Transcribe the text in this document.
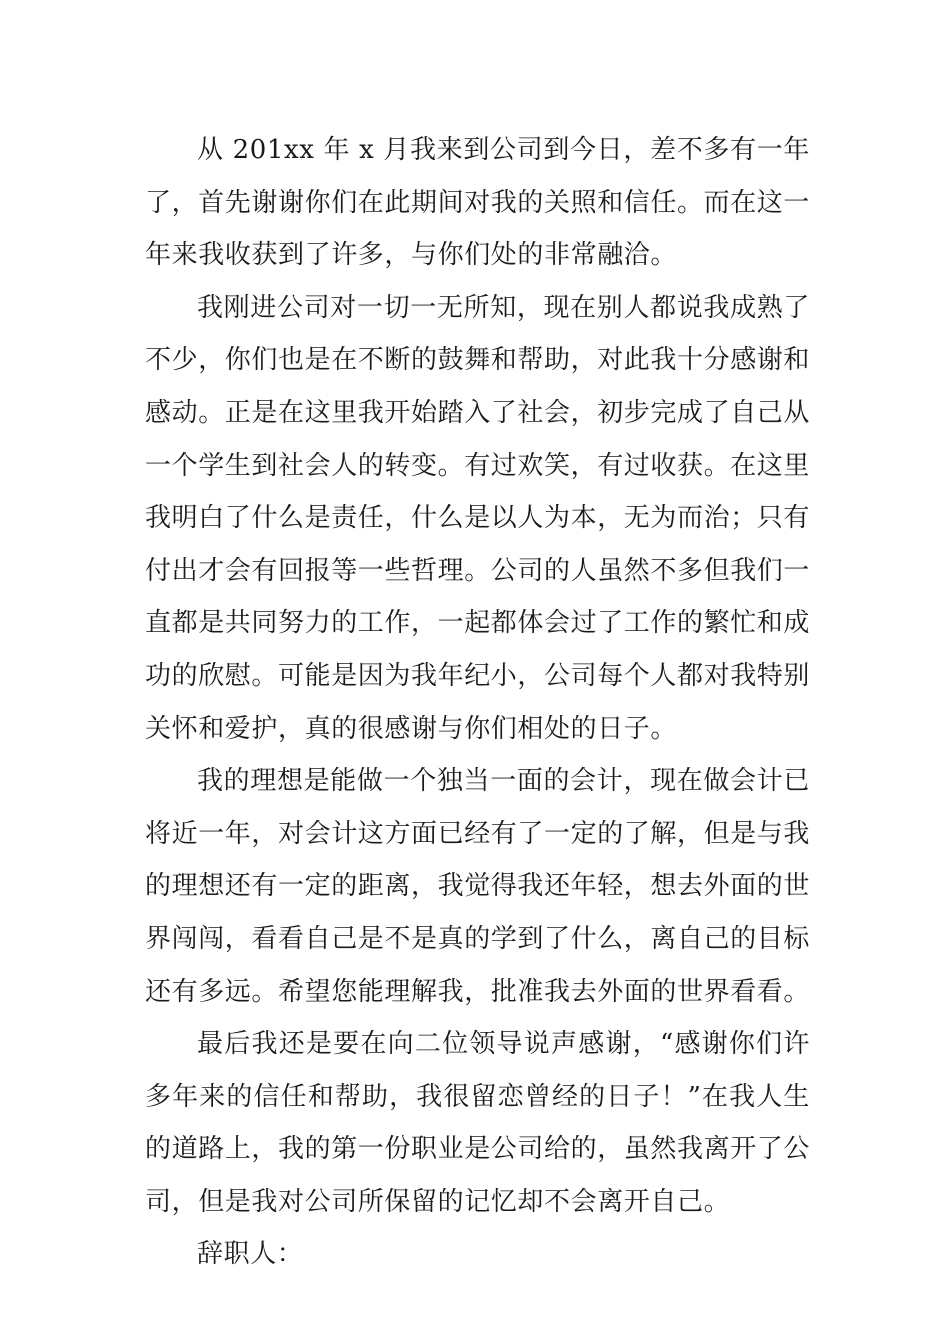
从 201xx 年 x 月我来到公司到今日，差不多有一年了，首先谢谢你们在此期间对我的关照和信任。而在这一年来我收获到了许多，与你们处的非常融洽。

我刚进公司对一切一无所知，现在别人都说我成熟了不少，你们也是在不断的鼓舞和帮助，对此我十分感谢和感动。正是在这里我开始踏入了社会，初步完成了自己从一个学生到社会人的转变。有过欢笑，有过收获。在这里我明白了什么是责任，什么是以人为本，无为而治；只有付出才会有回报等一些哲理。公司的人虽然不多但我们一直都是共同努力的工作，一起都体会过了工作的繁忙和成功的欣慰。可能是因为我年纪小，公司每个人都对我特别关怀和爱护，真的很感谢与你们相处的日子。

我的理想是能做一个独当一面的会计，现在做会计已将近一年，对会计这方面已经有了一定的了解，但是与我的理想还有一定的距离，我觉得我还年轻，想去外面的世界闯闯，看看自己是不是真的学到了什么，离自己的目标还有多远。希望您能理解我，批准我去外面的世界看看。

最后我还是要在向二位领导说声感谢，“感谢你们许多年来的信任和帮助，我很留恋曾经的日子！”在我人生的道路上，我的第一份职业是公司给的，虽然我离开了公司，但是我对公司所保留的记忆却不会离开自己。

辞职人：
